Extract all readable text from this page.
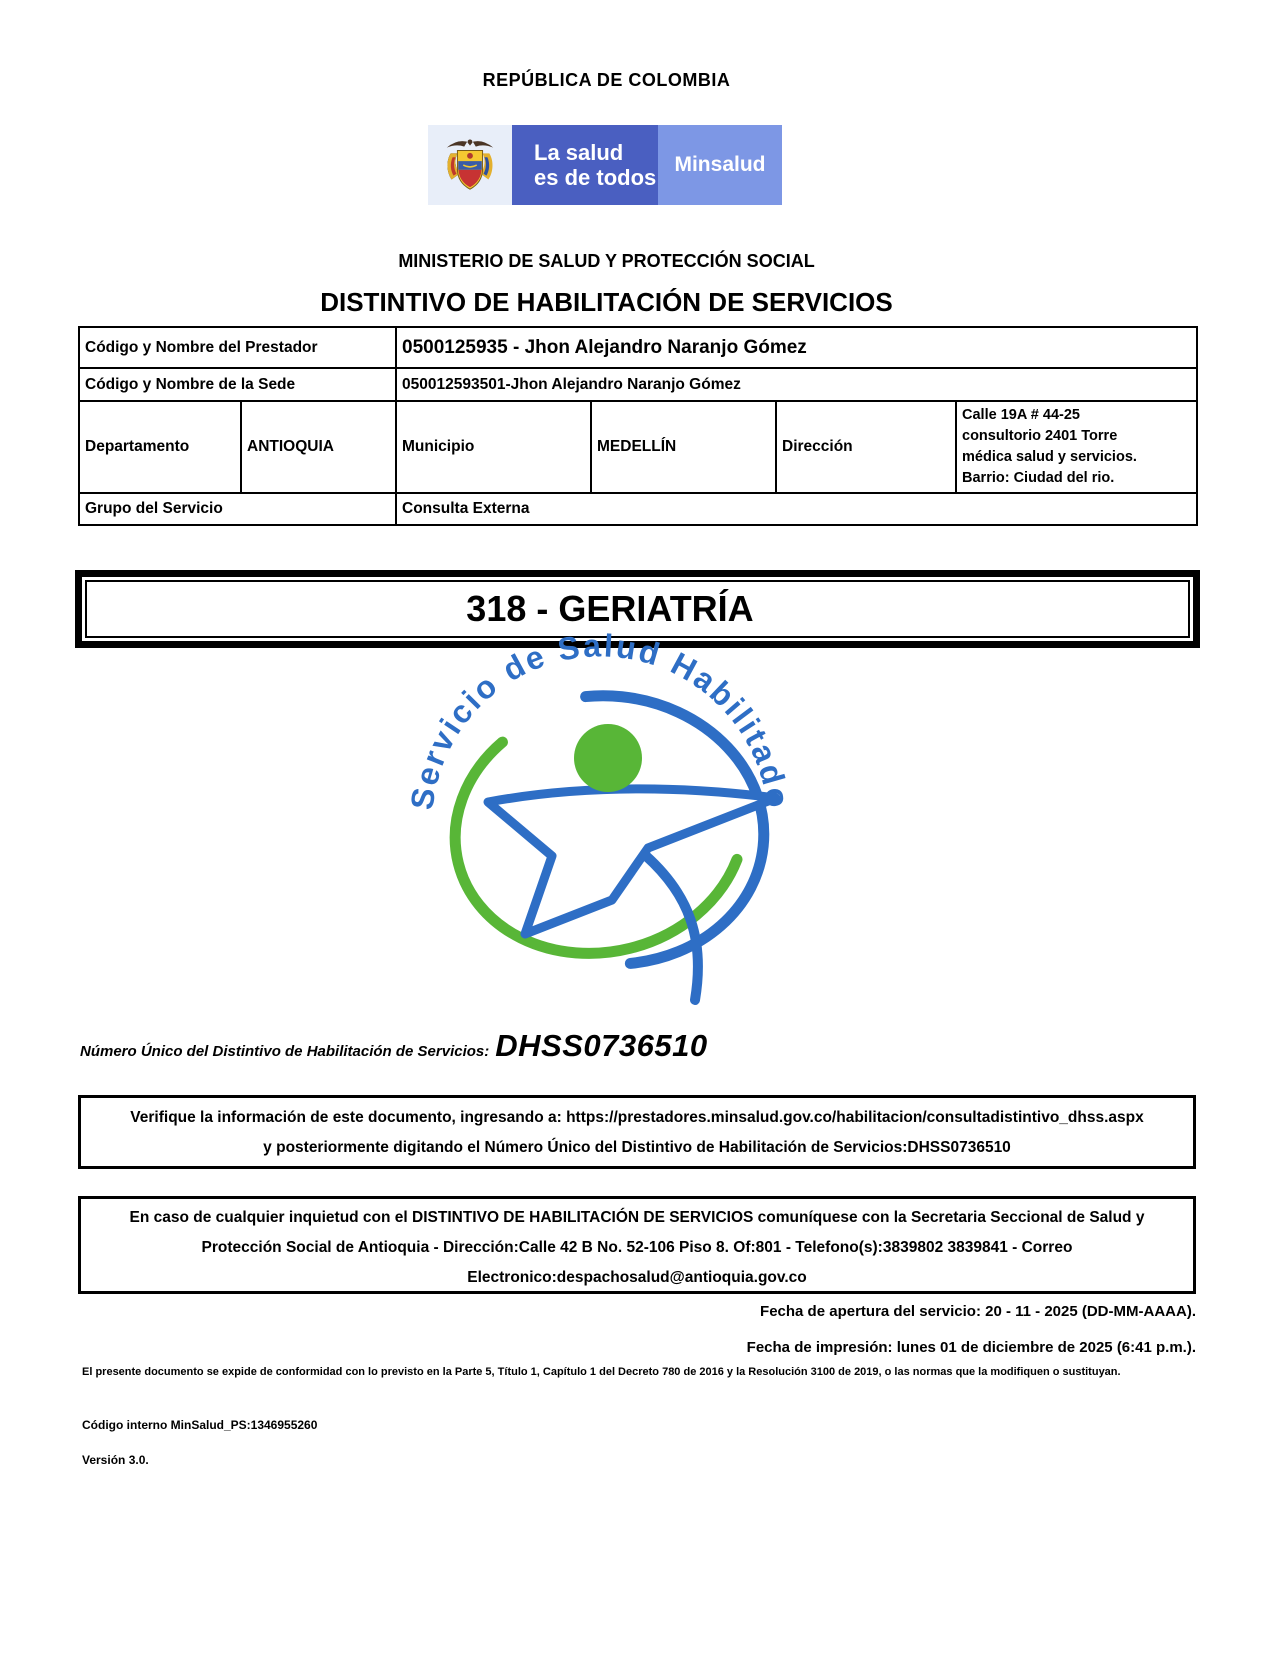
REPÚBLICA DE COLOMBIA
La salud
es de todos
Minsalud
MINISTERIO DE SALUD Y PROTECCIÓN SOCIAL
DISTINTIVO DE HABILITACIÓN DE SERVICIOS
Código y Nombre del Prestador		0500125935 - Jhon Alejandro Naranjo Gómez			
Código y Nombre de la Sede		050012593501-Jhon Alejandro Naranjo Gómez			
Departamento	ANTIOQUIA	Municipio	MEDELLÍN	Dirección	Calle 19A # 44-25
consultorio 2401 Torre
médica salud y servicios.
Barrio: Ciudad del rio.

Grupo del Servicio		Consulta Externa			
318 - GERIATRÍA
Servicio de Salud Habilitado
Número Único del Distintivo de Habilitación de Servicios: DHSS0736510
Verifique la información de este documento, ingresando a: https://prestadores.minsalud.gov.co/habilitacion/consultadistintivo_dhss.aspx
y posteriormente digitando el Número Único del Distintivo de Habilitación de Servicios:DHSS0736510
En caso de cualquier inquietud con el DISTINTIVO DE HABILITACIÓN DE SERVICIOS comuníquese con la Secretaria Seccional de Salud y
Protección Social de Antioquia - Dirección:Calle 42 B No. 52-106 Piso 8. Of:801 - Telefono(s):3839802 3839841 - Correo
Electronico:despachosalud@antioquia.gov.co
Fecha de apertura del servicio: 20 - 11 - 2025 (DD-MM-AAAA).
Fecha de impresión: lunes 01 de diciembre de 2025 (6:41 p.m.).
El presente documento se expide de conformidad con lo previsto en la Parte 5, Título 1, Capítulo 1 del Decreto 780 de 2016 y la Resolución 3100 de 2019, o las normas que la modifiquen o sustituyan.
Código interno MinSalud_PS:1346955260
Versión 3.0.
